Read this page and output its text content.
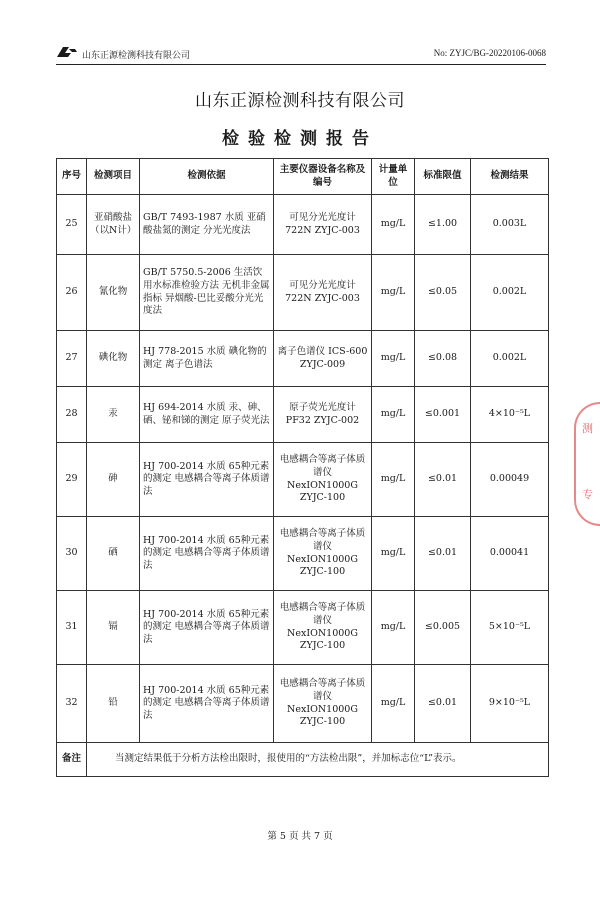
山东正源检测科技有限公司	No: ZYJC/BG-20220106-0068
山东正源检测科技有限公司
检验检测报告
序号	检测项目	检测依据	主要仪器设备名称及编号	计量单位	标准限值	检测结果
25	亚硝酸盐（以N计）	GB/T 7493-1987 水质 亚硝酸盐氮的测定 分光光度法	可见分光光度计 722N ZYJC-003	mg/L	≤1.00	0.003L
26	氰化物	GB/T 5750.5-2006 生活饮用水标准检验方法 无机非金属指标 异烟酸-巴比妥酸分光光度法	可见分光光度计 722N ZYJC-003	mg/L	≤0.05	0.002L
27	碘化物	HJ 778-2015 水质 碘化物的测定 离子色谱法	离子色谱仪 ICS-600 ZYJC-009	mg/L	≤0.08	0.002L
28	汞	HJ 694-2014 水质 汞、砷、硒、铋和锑的测定 原子荧光法	原子荧光光度计 PF32 ZYJC-002	mg/L	≤0.001	4×10⁻⁵L
29	砷	HJ 700-2014 水质 65种元素的测定 电感耦合等离子体质谱法	电感耦合等离子体质谱仪 NexION1000G ZYJC-100	mg/L	≤0.01	0.00049
30	硒	HJ 700-2014 水质 65种元素的测定 电感耦合等离子体质谱法	电感耦合等离子体质谱仪 NexION1000G ZYJC-100	mg/L	≤0.01	0.00041
31	镉	HJ 700-2014 水质 65种元素的测定 电感耦合等离子体质谱法	电感耦合等离子体质谱仪 NexION1000G ZYJC-100	mg/L	≤0.005	5×10⁻⁵L
32	铅	HJ 700-2014 水质 65种元素的测定 电感耦合等离子体质谱法	电感耦合等离子体质谱仪 NexION1000G ZYJC-100	mg/L	≤0.01	9×10⁻⁵L
备注	当测定结果低于分析方法检出限时，报使用的“方法检出限”，并加标志位“L”表示。					
第 5 页 共 7 页
测
专
